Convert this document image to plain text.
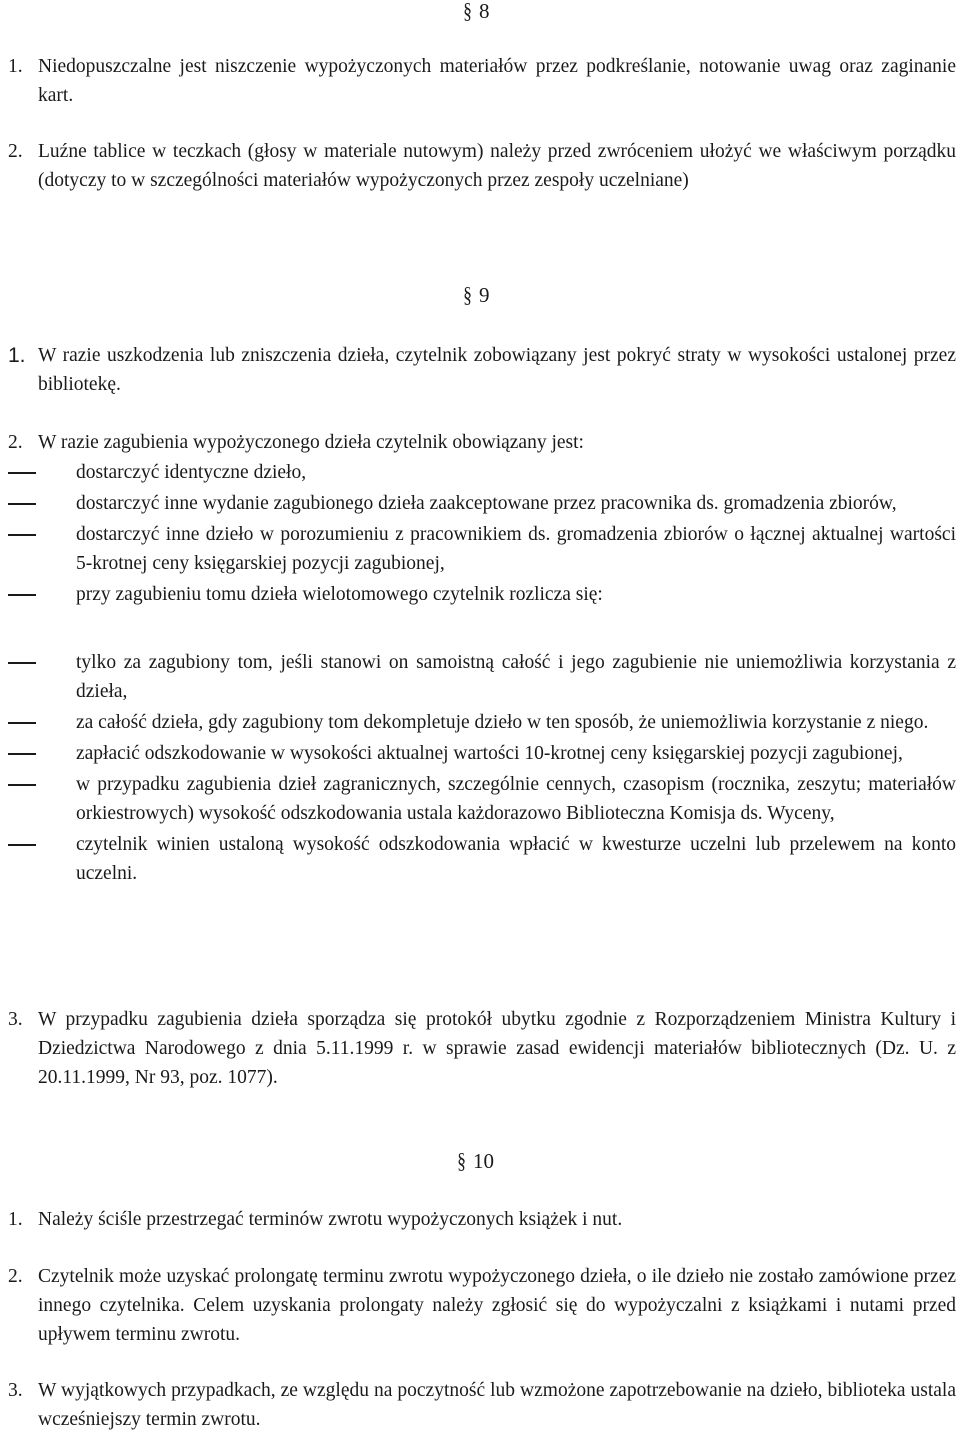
§ 8
1. Niedopuszczalne jest niszczenie wypożyczonych materiałów przez podkreślanie, notowanie uwag oraz zaginanie kart.
2. Luźne tablice w teczkach (głosy w materiale nutowym) należy przed zwróceniem ułożyć we właściwym porządku (dotyczy to w szczególności materiałów wypożyczonych przez zespoły uczelniane)
§ 9
1. W razie uszkodzenia lub zniszczenia dzieła, czytelnik zobowiązany jest pokryć straty w wysokości ustalonej przez bibliotekę.
2. W razie zagubienia wypożyczonego dzieła czytelnik obowiązany jest:
dostarczyć identyczne dzieło,
dostarczyć inne wydanie zagubionego dzieła zaakceptowane przez pracownika ds. gromadzenia zbiorów,
dostarczyć inne dzieło w porozumieniu z pracownikiem ds. gromadzenia zbiorów o łącznej aktualnej wartości 5-krotnej ceny księgarskiej pozycji zagubionej,
przy zagubieniu tomu dzieła wielotomowego czytelnik rozlicza się:
tylko za zagubiony tom, jeśli stanowi on samoistną całość i jego zagubienie nie uniemożliwia korzystania z dzieła,
za całość dzieła, gdy zagubiony tom dekompletuje dzieło w ten sposób, że uniemożliwia korzystanie z niego.
zapłacić odszkodowanie w wysokości aktualnej wartości 10-krotnej ceny księgarskiej pozycji zagubionej,
w przypadku zagubienia dzieł zagranicznych, szczególnie cennych, czasopism (rocznika, zeszytu; materiałów orkiestrowych) wysokość odszkodowania ustala każdorazowo Biblioteczna Komisja ds. Wyceny,
czytelnik winien ustaloną wysokość odszkodowania wpłacić w kwesturze uczelni lub przelewem na konto uczelni.
3. W przypadku zagubienia dzieła sporządza się protokół ubytku zgodnie z Rozporządzeniem Ministra Kultury i Dziedzictwa Narodowego z dnia 5.11.1999 r. w sprawie zasad ewidencji materiałów bibliotecznych (Dz. U. z 20.11.1999, Nr 93, poz. 1077).
§ 10
1. Należy ściśle przestrzegać terminów zwrotu wypożyczonych książek i nut.
2. Czytelnik może uzyskać prolongatę terminu zwrotu wypożyczonego dzieła, o ile dzieło nie zostało zamówione przez innego czytelnika. Celem uzyskania prolongaty należy zgłosić się do wypożyczalni z książkami i nutami przed upływem terminu zwrotu.
3. W wyjątkowych przypadkach, ze względu na poczytność lub wzmożone zapotrzebowanie na dzieło, biblioteka ustala wcześniejszy termin zwrotu.
